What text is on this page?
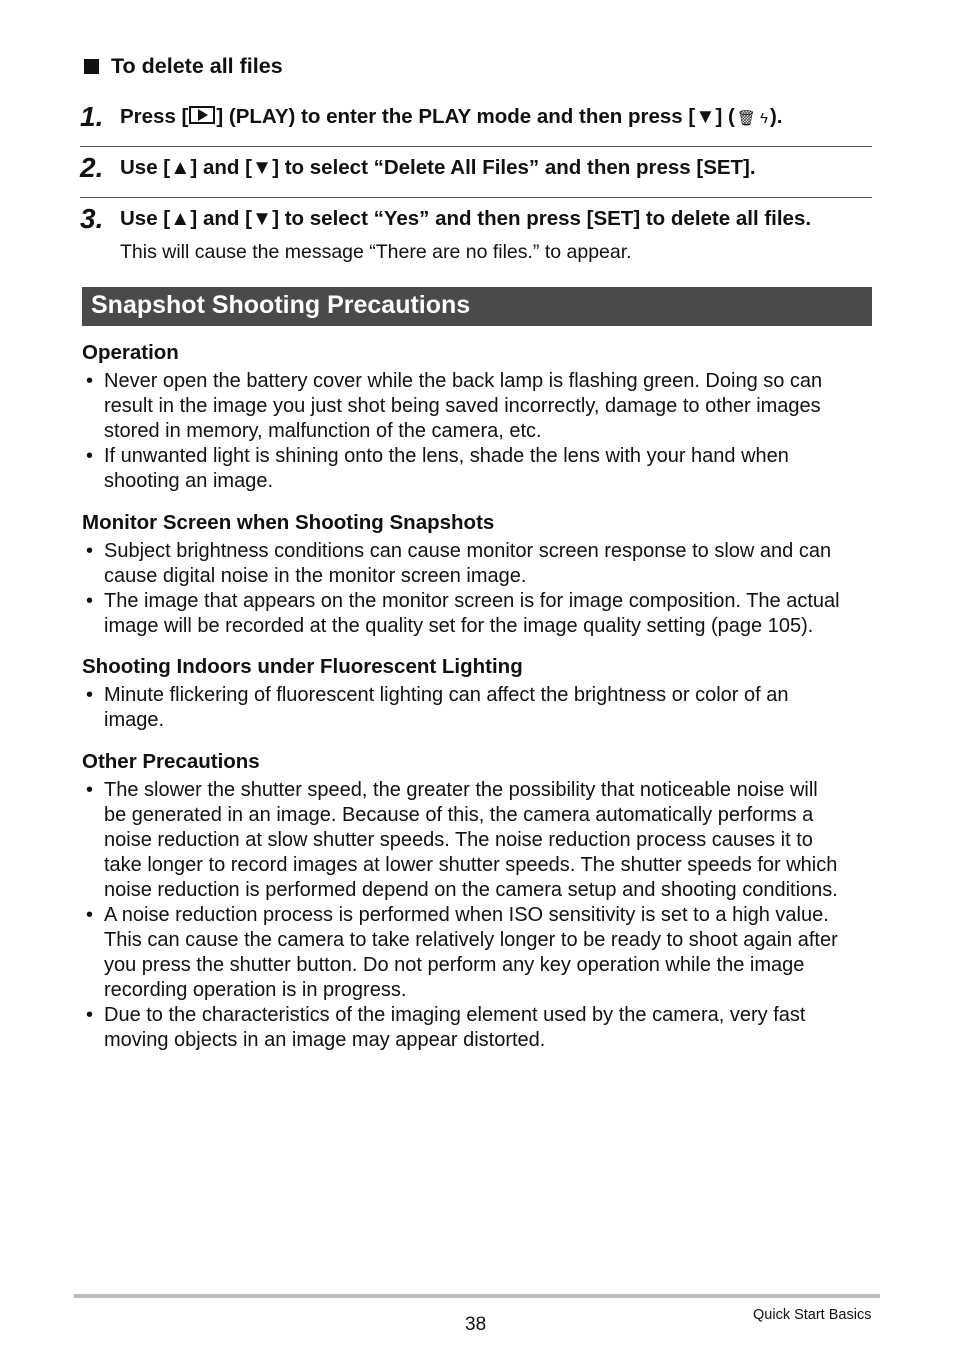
To delete all files
1. Press [ ] (PLAY) to enter the PLAY mode and then press [▼] ( 🗑 ϟ).
2. Use [▲] and [▼] to select “Delete All Files” and then press [SET].
3. Use [▲] and [▼] to select “Yes” and then press [SET] to delete all files.
This will cause the message “There are no files.” to appear.
Snapshot Shooting Precautions
Operation
• Never open the battery cover while the back lamp is flashing green. Doing so can
result in the image you just shot being saved incorrectly, damage to other images
stored in memory, malfunction of the camera, etc.
• If unwanted light is shining onto the lens, shade the lens with your hand when
shooting an image.
Monitor Screen when Shooting Snapshots
• Subject brightness conditions can cause monitor screen response to slow and can
cause digital noise in the monitor screen image.
• The image that appears on the monitor screen is for image composition. The actual
image will be recorded at the quality set for the image quality setting (page 105).
Shooting Indoors under Fluorescent Lighting
• Minute flickering of fluorescent lighting can affect the brightness or color of an
image.
Other Precautions
• The slower the shutter speed, the greater the possibility that noticeable noise will
be generated in an image. Because of this, the camera automatically performs a
noise reduction at slow shutter speeds. The noise reduction process causes it to
take longer to record images at lower shutter speeds. The shutter speeds for which
noise reduction is performed depend on the camera setup and shooting conditions.
• A noise reduction process is performed when ISO sensitivity is set to a high value.
This can cause the camera to take relatively longer to be ready to shoot again after
you press the shutter button. Do not perform any key operation while the image
recording operation is in progress.
• Due to the characteristics of the imaging element used by the camera, very fast
moving objects in an image may appear distorted.
38	Quick Start Basics
